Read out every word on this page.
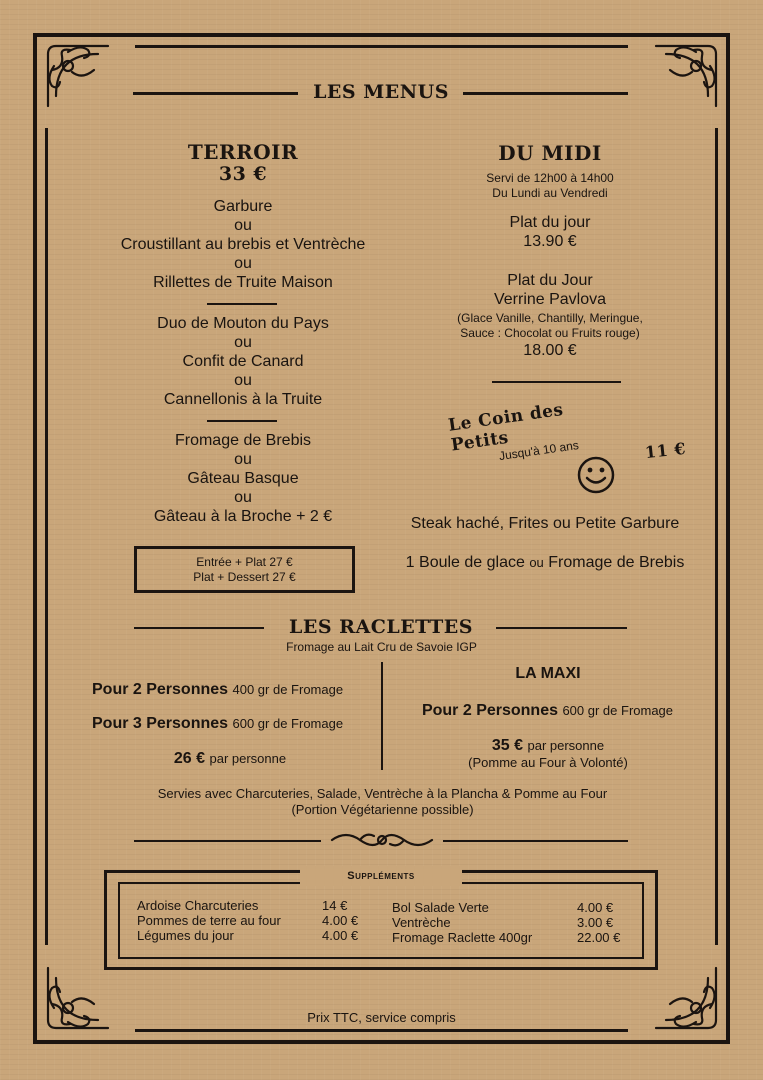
LES MENUS
TERROIR
33 €
Garbure
ou
Croustillant au brebis et Ventrèche
ou
Rillettes de Truite Maison
Duo de Mouton du Pays
ou
Confit de Canard
ou
Cannellonis à la Truite
Fromage de Brebis
ou
Gâteau Basque
ou
Gâteau à la Broche + 2 €
Entrée + Plat 27 €
Plat + Dessert 27 €
DU MIDI
Servi de 12h00 à 14h00
Du Lundi au Vendredi
Plat du jour
13.90 €
Plat du Jour
Verrine Pavlova
(Glace Vanille, Chantilly, Meringue,
Sauce : Chocolat ou Fruits rouge)
18.00 €
Le Coin des Petits
Jusqu'à 10 ans	11 €
Steak haché, Frites ou Petite Garbure
1 Boule de glace ou Fromage de Brebis
LES RACLETTES
Fromage au Lait Cru de Savoie IGP
Pour 2 Personnes 400 gr de Fromage
Pour 3 Personnes 600 gr de Fromage
26 € par personne
LA MAXI
Pour 2 Personnes 600 gr de Fromage
35 € par personne
(Pomme au Four à Volonté)
Servies avec Charcuteries, Salade, Ventrèche à la Plancha & Pomme au Four
(Portion Végétarienne possible)
Suppléments
Ardoise Charcuteries	14 €
Pommes de terre au four	4.00 €
Légumes du jour	4.00 €
Bol Salade Verte	4.00 €
Ventrèche	3.00 €
Fromage Raclette 400gr	22.00 €
Prix TTC, service compris
